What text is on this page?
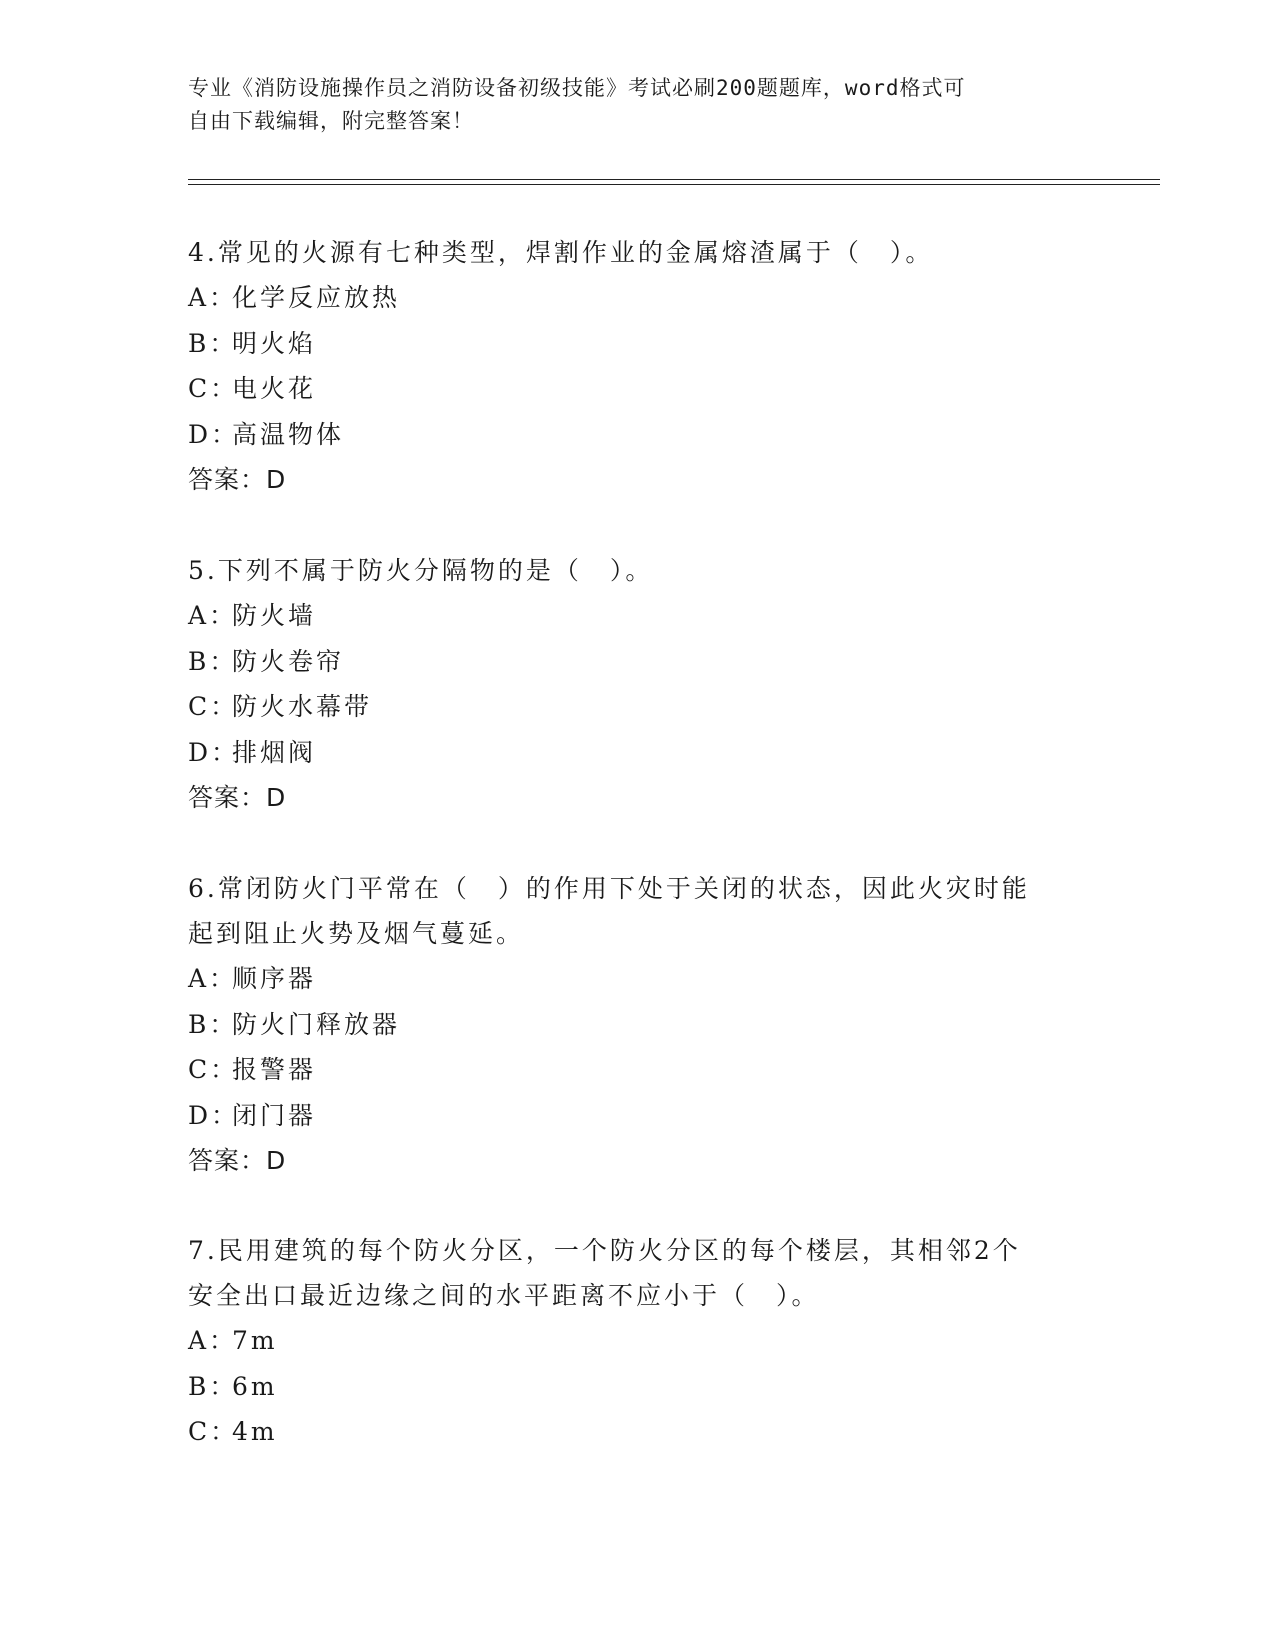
专业《消防设施操作员之消防设备初级技能》考试必刷200题题库，word格式可
自由下载编辑，附完整答案！
4.常见的火源有七种类型，焊割作业的金属熔渣属于（　）。
A：化学反应放热
B：明火焰
C：电火花
D：高温物体
答案：D
5.下列不属于防火分隔物的是（　）。
A：防火墙
B：防火卷帘
C：防火水幕带
D：排烟阀
答案：D
6.常闭防火门平常在（　）的作用下处于关闭的状态，因此火灾时能
起到阻止火势及烟气蔓延。
A：顺序器
B：防火门释放器
C：报警器
D：闭门器
答案：D
7.民用建筑的每个防火分区，一个防火分区的每个楼层，其相邻2个
安全出口最近边缘之间的水平距离不应小于（　）。
A：7m
B：6m
C：4m
